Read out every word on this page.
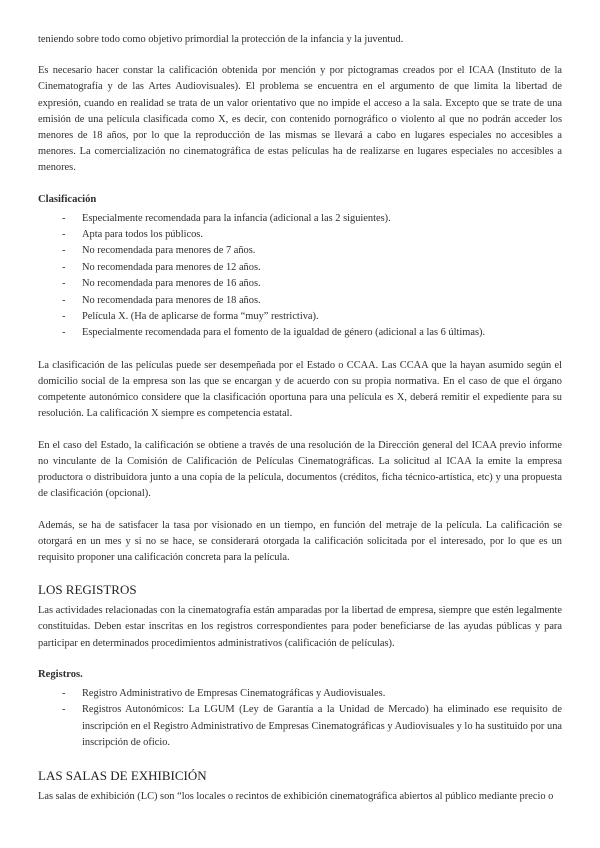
teniendo sobre todo como objetivo primordial la protección de la infancia y la juventud.

Es necesario hacer constar la calificación obtenida por mención y por pictogramas creados por el ICAA (Instituto de la Cinematografía y de las Artes Audiovisuales). El problema se encuentra en el argumento de que limita la libertad de expresión, cuando en realidad se trata de un valor orientativo que no impide el acceso a la sala. Excepto que se trate de una emisión de una película clasificada como X, es decir, con contenido pornográfico o violento al que no podrán acceder los menores de 18 años, por lo que la reproducción de las mismas se llevará a cabo en lugares especiales no accesibles a menores. La comercialización no cinematográfica de estas películas ha de realizarse en lugares especiales no accesibles a menores.

Clasificación

-	Especialmente recomendada para la infancia (adicional a las 2 siguientes).
-	Apta para todos los públicos.
-	No recomendada para menores de 7 años.
-	No recomendada para menores de 12 años.
-	No recomendada para menores de 16 años.
-	No recomendada para menores de 18 años.
-	Película X. (Ha de aplicarse de forma “muy” restrictiva).
-	Especialmente recomendada para el fomento de la igualdad de género (adicional a las 6 últimas).

La clasificación de las películas puede ser desempeñada por el Estado o CCAA. Las CCAA que la hayan asumido según el domicilio social de la empresa son las que se encargan y de acuerdo con su propia normativa. En el caso de que el órgano competente autonómico considere que la clasificación oportuna para una película es X, deberá remitir el expediente para su resolución. La calificación X siempre es competencia estatal.

En el caso del Estado, la calificación se obtiene a través de una resolución de la Dirección general del ICAA previo informe no vinculante de la Comisión de Calificación de Películas Cinematográficas. La solicitud al ICAA la emite la empresa productora o distribuidora junto a una copia de la película, documentos (créditos, ficha técnico-artística, etc) y una propuesta de clasificación (opcional).

Además, se ha de satisfacer la tasa por visionado en un tiempo, en función del metraje de la película. La calificación se otorgará en un mes y si no se hace, se considerará otorgada la calificación solicitada por el interesado, por lo que es un requisito proponer una calificación concreta para la película.

LOS REGISTROS

Las actividades relacionadas con la cinematografía están amparadas por la libertad de empresa, siempre que estén legalmente constituidas. Deben estar inscritas en los registros correspondientes para poder beneficiarse de las ayudas públicas y para participar en determinados procedimientos administrativos (calificación de películas).

Registros.

-	Registro Administrativo de Empresas Cinematográficas y Audiovisuales.
-	Registros Autonómicos: La LGUM (Ley de Garantía a la Unidad de Mercado) ha eliminado ese requisito de inscripción en el Registro Administrativo de Empresas Cinematográficas y Audiovisuales y lo ha sustituido por una inscripción de oficio.

LAS SALAS DE EXHIBICIÓN

Las salas de exhibición (LC) son “los locales o recintos de exhibición cinematográfica abiertos al público mediante precio o
